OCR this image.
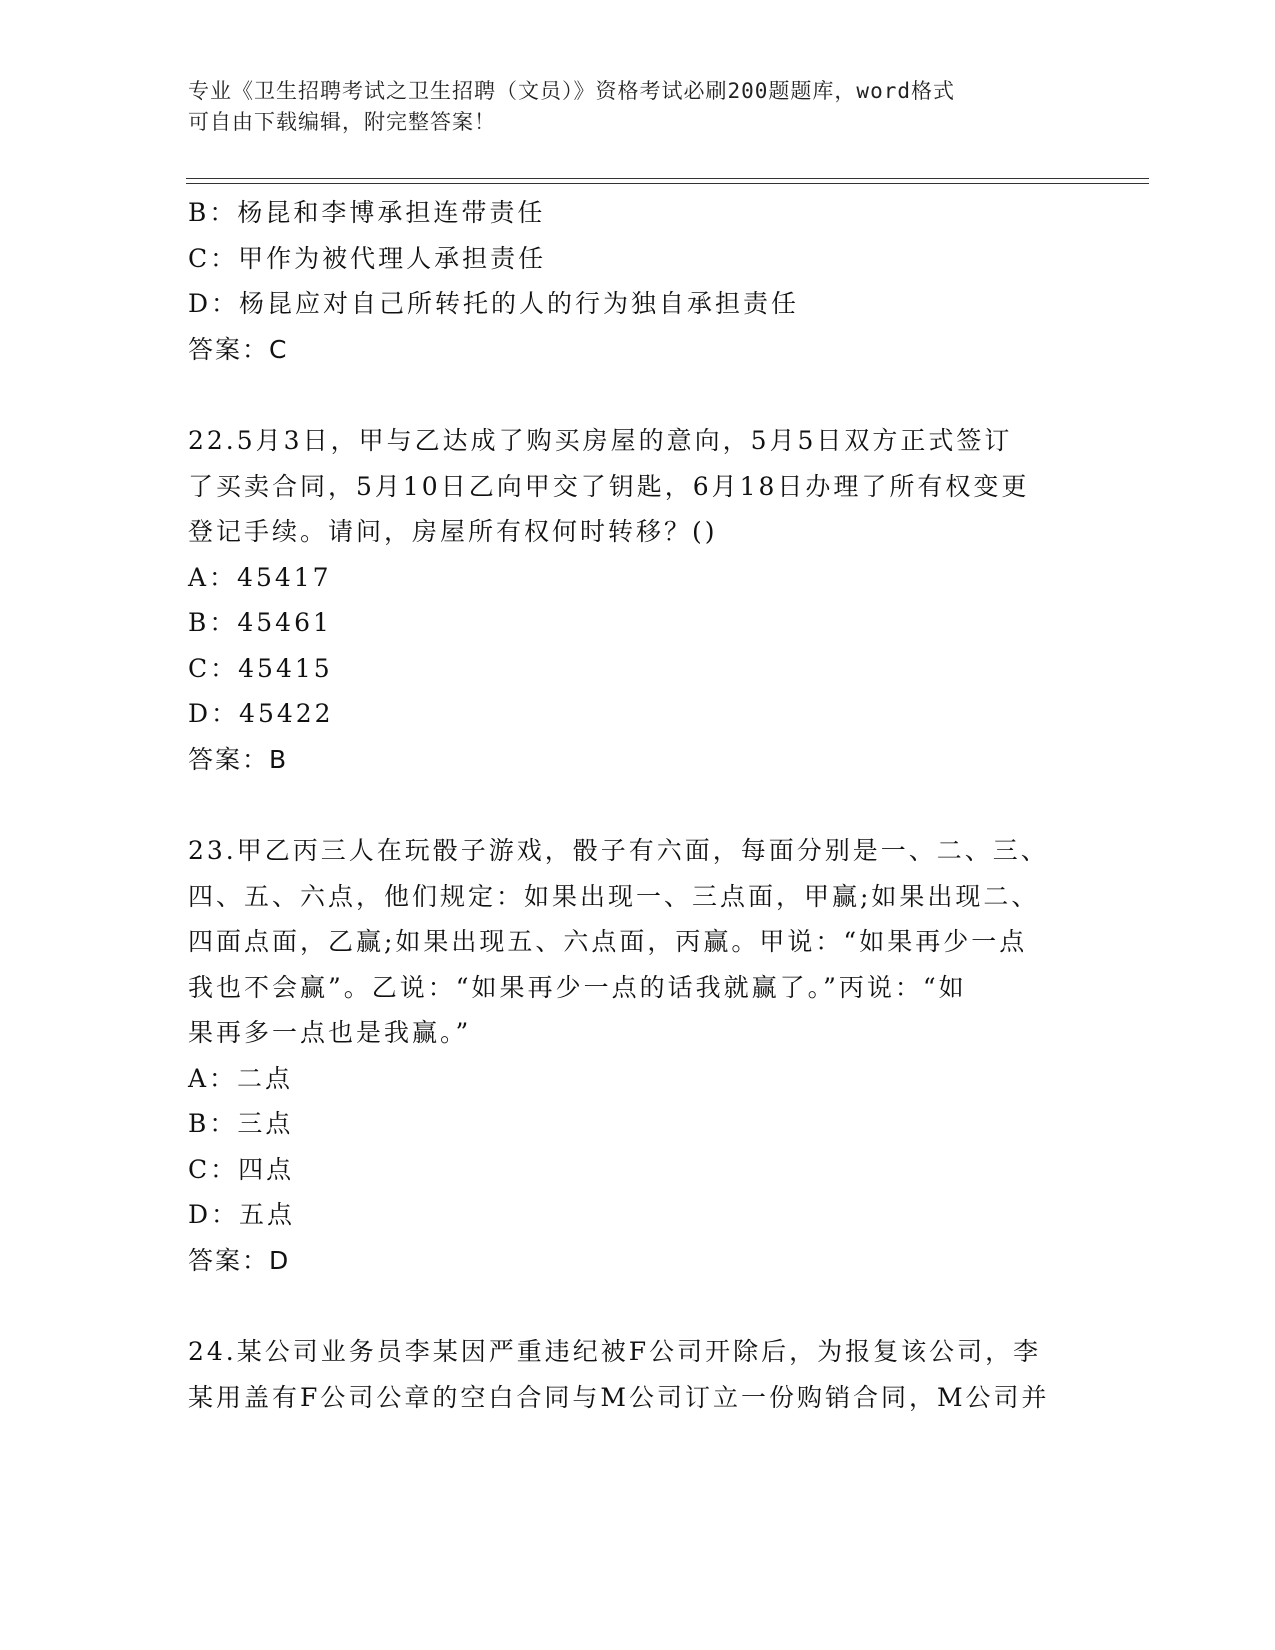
专业《卫生招聘考试之卫生招聘（文员）》资格考试必刷200题题库，word格式
可自由下载编辑，附完整答案！
B：杨昆和李博承担连带责任
C：甲作为被代理人承担责任
D：杨昆应对自己所转托的人的行为独自承担责任
答案：C
22.5月3日，甲与乙达成了购买房屋的意向，5月5日双方正式签订
了买卖合同，5月10日乙向甲交了钥匙，6月18日办理了所有权变更
登记手续。请问，房屋所有权何时转移？()
A：45417
B：45461
C：45415
D：45422
答案：B
23.甲乙丙三人在玩骰子游戏，骰子有六面，每面分别是一、二、三、
四、五、六点，他们规定：如果出现一、三点面，甲赢;如果出现二、
四面点面，乙赢;如果出现五、六点面，丙赢。甲说：“如果再少一点
我也不会赢”。乙说：“如果再少一点的话我就赢了。”丙说：“如
果再多一点也是我赢。”
A：二点
B：三点
C：四点
D：五点
答案：D
24.某公司业务员李某因严重违纪被F公司开除后，为报复该公司，李
某用盖有F公司公章的空白合同与M公司订立一份购销合同，M公司并
